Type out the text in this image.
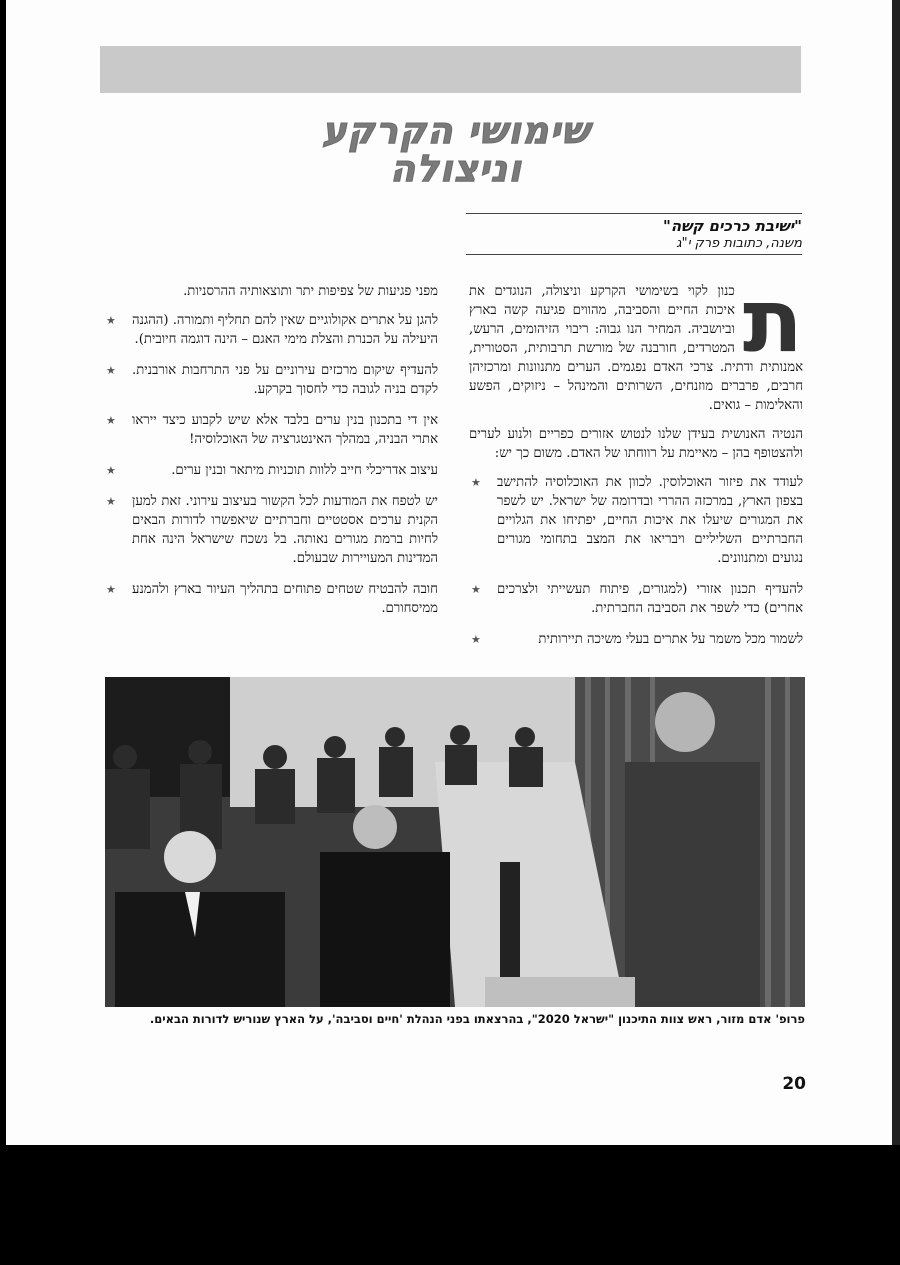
שימושי הקרקע
וניצולה
"ישיבת כרכים קשה"
משנה, כתובות פרק י"ג

ת
כנון לקוי בשימושי הקרקע וניצולה, הנוגדים את איכות החיים והסביבה, מהווים פגיעה קשה בארץ וביושביה. המחיר הנו גבוה: ריבוי הזיהומים, הרעש, המטרדים, חורבנה של מורשת תרבותית, הסטורית, אמנותית ודתית. צרכי האדם נפגמים. הערים מתנוונות ומרכזיהן חרבים, פרברים מוזנחים, השרותים והמינהל – ניזוקים, הפשע והאלימות – גואים.

הנטיה האנושית בעידן שלנו לנטוש אזורים כפריים ולנוע לערים ולהצטופף בהן – מאיימת על רווחתו של האדם. משום כך יש:

★ לעודד את פיזור האוכלוסין. לכוון את האוכלוסיה להתישב בצפון הארץ, במרכזה ההררי ובדרומה של ישראל. יש לשפר את המגורים שיעלו את איכות החיים, יפתיחו את הגלויים החברתיים השליליים ויבריאו את המצב בתחומי מגורים נגועים ומתנוונים.
★ להעדיף תכנון אזורי (למגורים, פיתוח תעשייתי ולצרכים אחרים) כדי לשפר את הסביבה החברתית.
★	לשמור מכל משמר על אתרים בעלי משיכה תיירותית

מפני פגיעות של צפיפות יתר ותוצאותיה ההרסניות.

★ להגן על אתרים אקולוגיים שאין להם תחליף ותמורה. (ההגנה היעילה על הכנרת והצלת מימי האגם – הינה דוגמה חיובית).
★ להעדיף שיקום מרכזים עירוניים על פני התרחבות אורבנית. לקדם בניה לגובה כדי לחסוך בקרקע.
★ אין די בתכנון בנין ערים בלבד אלא שיש לקבוע כיצד ייראו אתרי הבניה, במהלך האינטגרציה של האוכלוסיה!
★	עיצוב אדריכלי חייב ללוות תוכניות מיתאר ובנין ערים.
★ יש לטפח את המודעות לכל הקשור בעיצוב עירוני. זאת למען הקנית ערכים אסטטיים וחברתיים שיאפשרו לדורות הבאים לחיות ברמת מגורים נאותה. בל נשכח שישראל הינה אחת המדינות המעויירות שבעולם.
★ חובה להבטיח שטחים פתוחים בתהליך העיור בארץ ולהמנע ממיסחורם.
פרופ' אדם מזור, ראש צוות התיכנון "ישראל 2020", בהרצאתו בפני הנהלת 'חיים וסביבה', על הארץ שנוריש לדורות הבאים.
20
